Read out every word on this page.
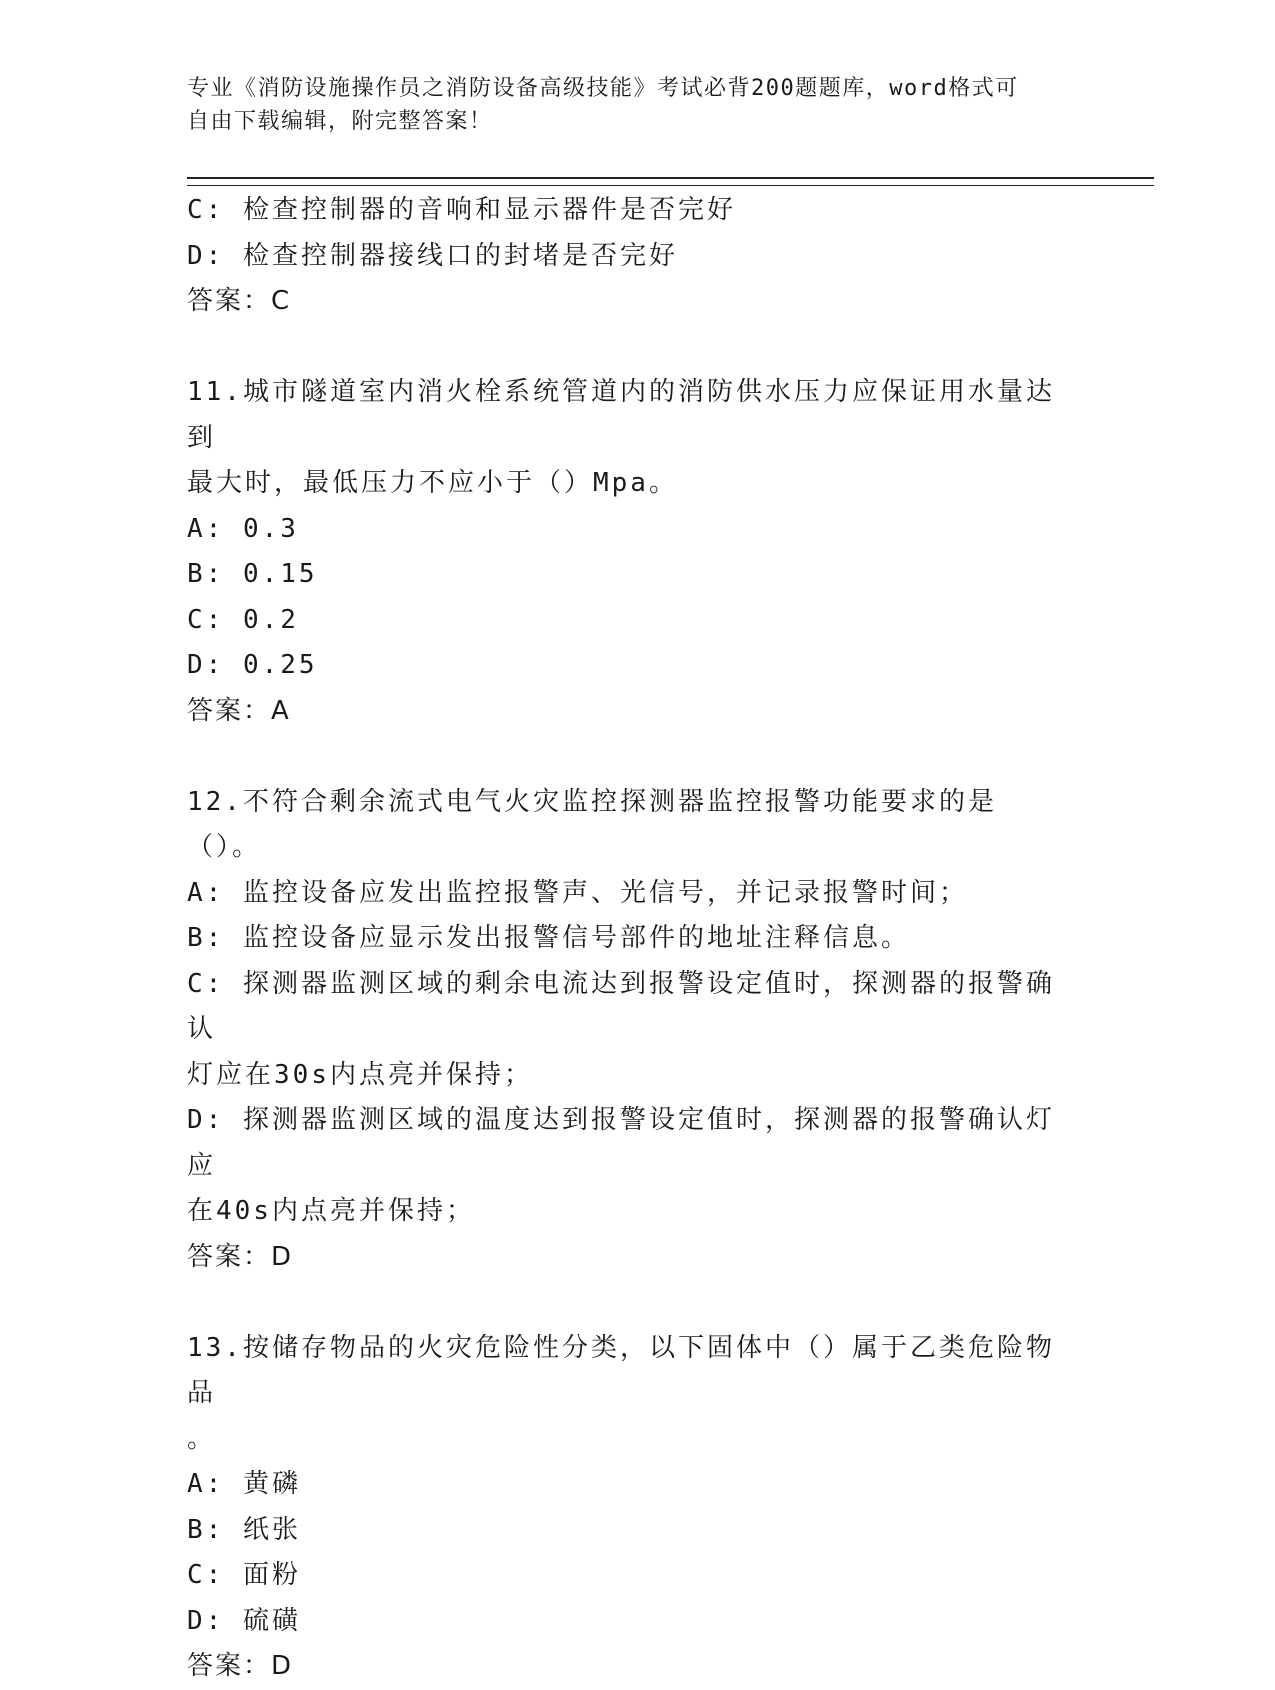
专业《消防设施操作员之消防设备高级技能》考试必背200题题库，word格式可

自由下载编辑，附完整答案！

C: 检查控制器的音响和显示器件是否完好

D: 检查控制器接线口的封堵是否完好

答案：C

11.城市隧道室内消火栓系统管道内的消防供水压力应保证用水量达到

最大时，最低压力不应小于（）Mpa。

A: 0.3

B: 0.15

C: 0.2

D: 0.25

答案：A

12.不符合剩余流式电气火灾监控探测器监控报警功能要求的是（）。

A: 监控设备应发出监控报警声、光信号，并记录报警时间；

B: 监控设备应显示发出报警信号部件的地址注释信息。

C: 探测器监测区域的剩余电流达到报警设定值时，探测器的报警确认

灯应在30s内点亮并保持；

D: 探测器监测区域的温度达到报警设定值时，探测器的报警确认灯应

在40s内点亮并保持；

答案：D

13.按储存物品的火灾危险性分类，以下固体中（）属于乙类危险物品

。

A: 黄磷

B: 纸张

C: 面粉

D: 硫磺

答案：D
